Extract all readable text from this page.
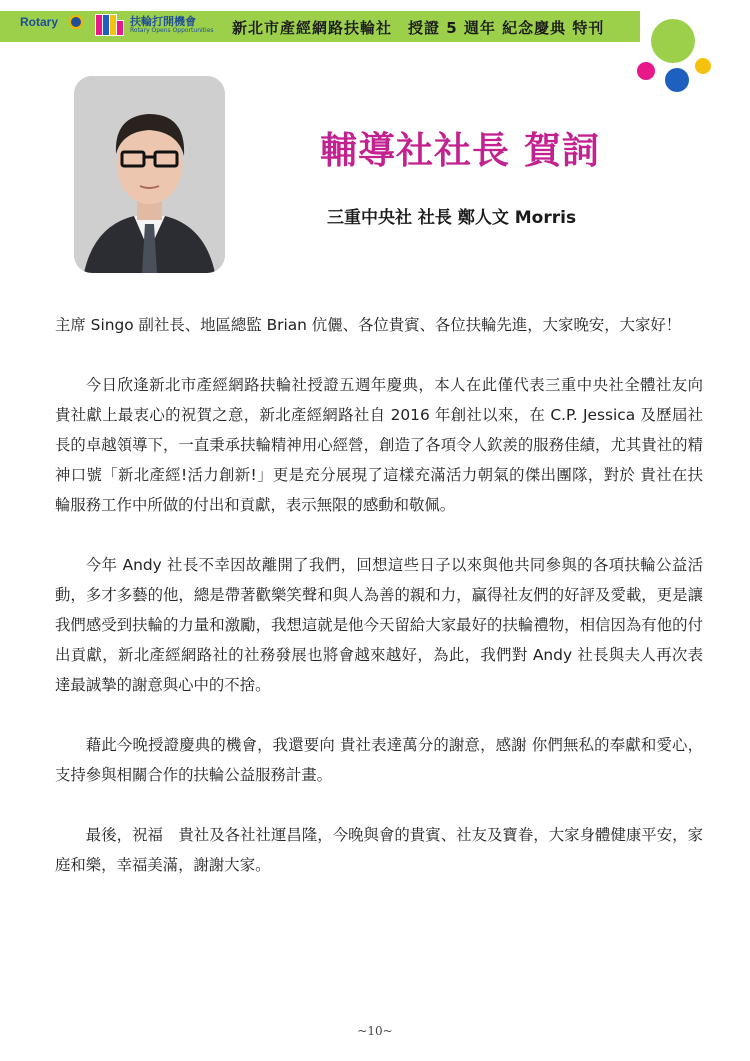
Rotary	扶輪打開機會
Rotary Opens Opportunities 新北市產經網路扶輪社　授證 5 週年 紀念慶典 特刊
輔導社社長 賀詞
三重中央社 社長 鄭人文 Morris

主席 Singo 副社長、地區總監 Brian 伉儷、各位貴賓、各位扶輪先進，大家晚安，大家好！

今日欣逢新北市產經網路扶輪社授證五週年慶典，本人在此僅代表三重中央社全體社友向　貴社獻上最衷心的祝賀之意，新北產經網路社自 2016 年創社以來，在 C.P. Jessica 及歷屆社長的卓越領導下，一直秉承扶輪精神用心經營，創造了各項令人欽羨的服務佳績，尤其貴社的精神口號「新北產經!活力創新!」更是充分展現了這樣充滿活力朝氣的傑出團隊，對於 貴社在扶輪服務工作中所做的付出和貢獻，表示無限的感動和敬佩。

今年 Andy 社長不幸因故離開了我們，回想這些日子以來與他共同參與的各項扶輪公益活動，多才多藝的他，總是帶著歡樂笑聲和與人為善的親和力，贏得社友們的好評及愛載，更是讓我們感受到扶輪的力量和激勵，我想這就是他今天留給大家最好的扶輪禮物，相信因為有他的付出貢獻，新北產經網路社的社務發展也將會越來越好，為此，我們對 Andy 社長與夫人再次表達最誠摯的謝意與心中的不捨。

藉此今晚授證慶典的機會，我還要向 貴社表達萬分的謝意，感謝 你們無私的奉獻和愛心，支持參與相關合作的扶輪公益服務計畫。

最後，祝福　貴社及各社社運昌隆，今晚與會的貴賓、社友及寶眷，大家身體健康平安，家庭和樂，幸福美滿，謝謝大家。

~10~
